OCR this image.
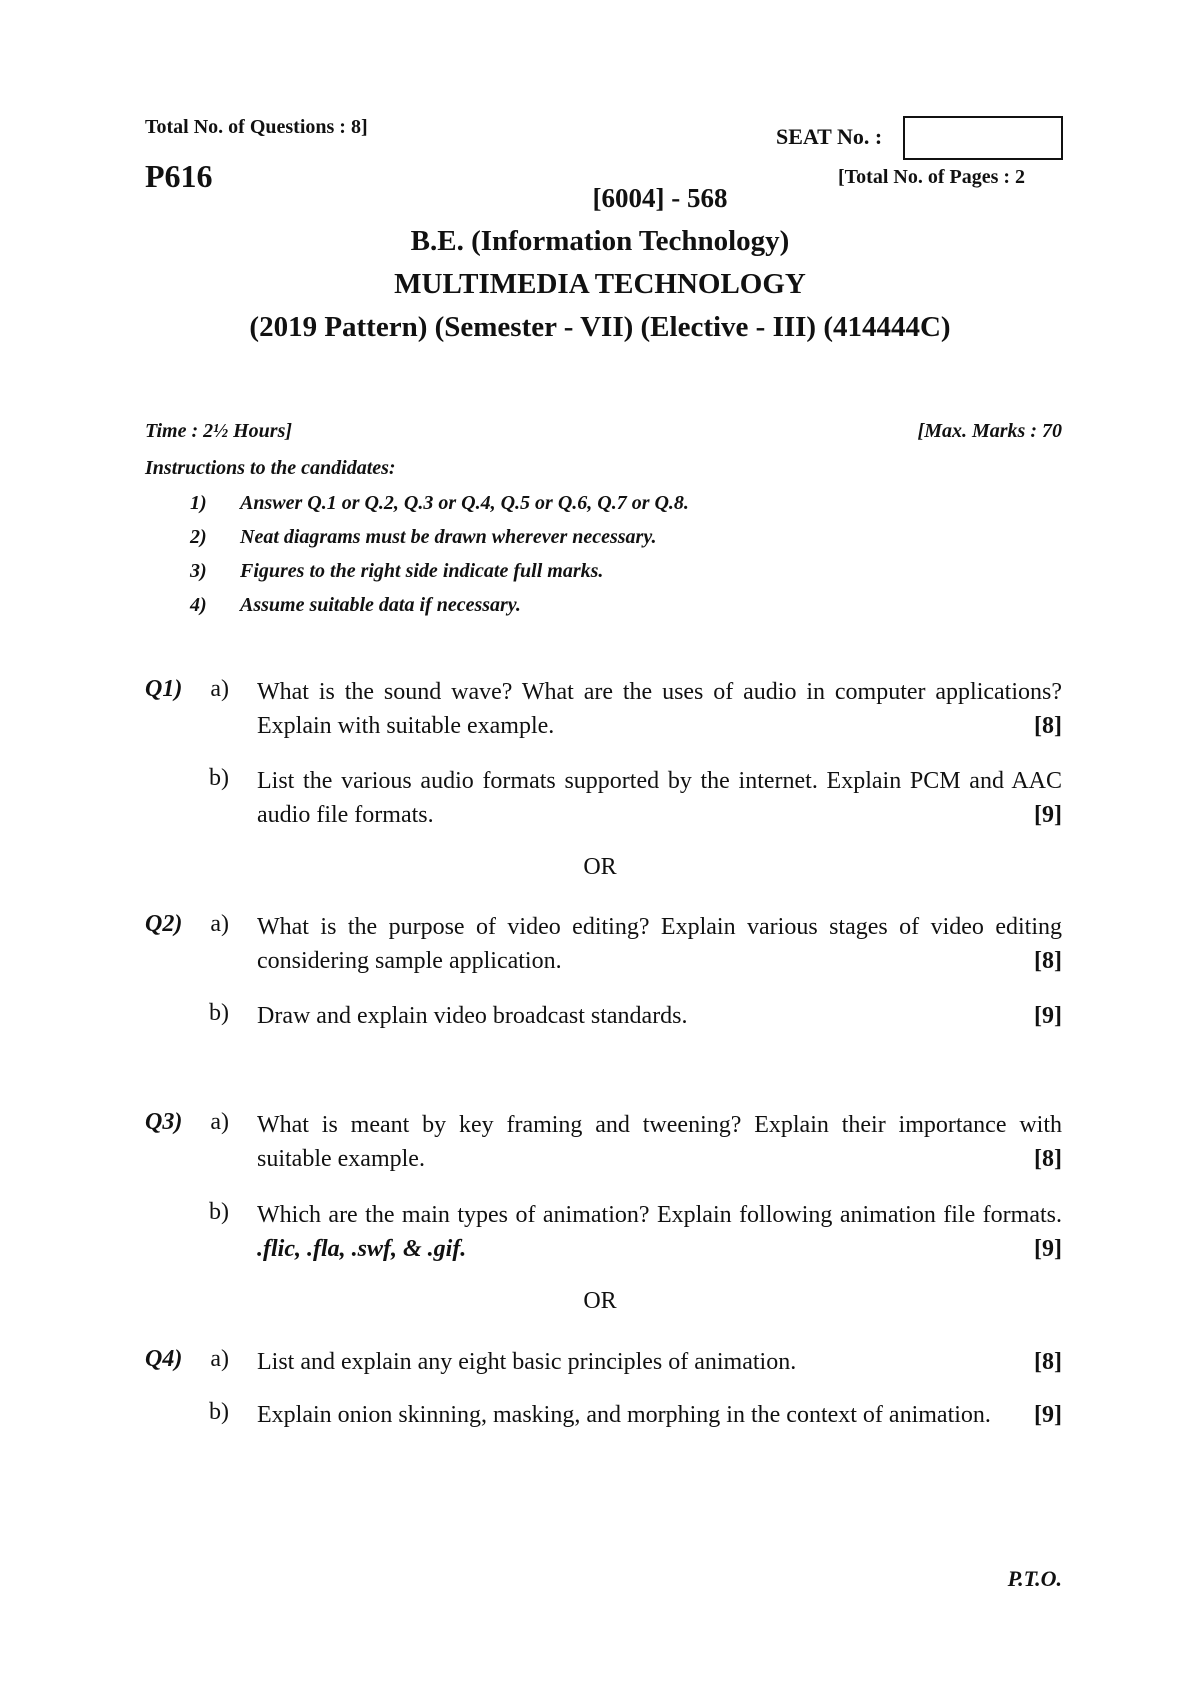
Total No. of Questions : 8]	SEAT No. :
P616	[Total No. of Pages : 2
[6004] - 568
B.E. (Information Technology)
MULTIMEDIA TECHNOLOGY
(2019 Pattern) (Semester - VII) (Elective - III) (414444C)
Time : 2½ Hours]	[Max. Marks : 70
Instructions to the candidates:
1) Answer Q.1 or Q.2, Q.3 or Q.4, Q.5 or Q.6, Q.7 or Q.8.
2) Neat diagrams must be drawn wherever necessary.
3) Figures to the right side indicate full marks.
4) Assume suitable data if necessary.
Q1)	a) What is the sound wave? What are the uses of audio in computer applications? Explain with suitable example.	[8]
b) List the various audio formats supported by the internet. Explain PCM and AAC audio file formats.	[9]
OR
Q2)	a) What is the purpose of video editing? Explain various stages of video editing considering sample application.	[8]
b) Draw and explain video broadcast standards.	[9]
Q3)	a) What is meant by key framing and tweening? Explain their importance with suitable example.	[8]
b) Which are the main types of animation? Explain following animation file formats. .flic, .fla, .swf, & .gif.	[9]
OR
Q4)	a) List and explain any eight basic principles of animation.	[8]
b) Explain onion skinning, masking, and morphing in the context of animation. [9]
P.T.O.
